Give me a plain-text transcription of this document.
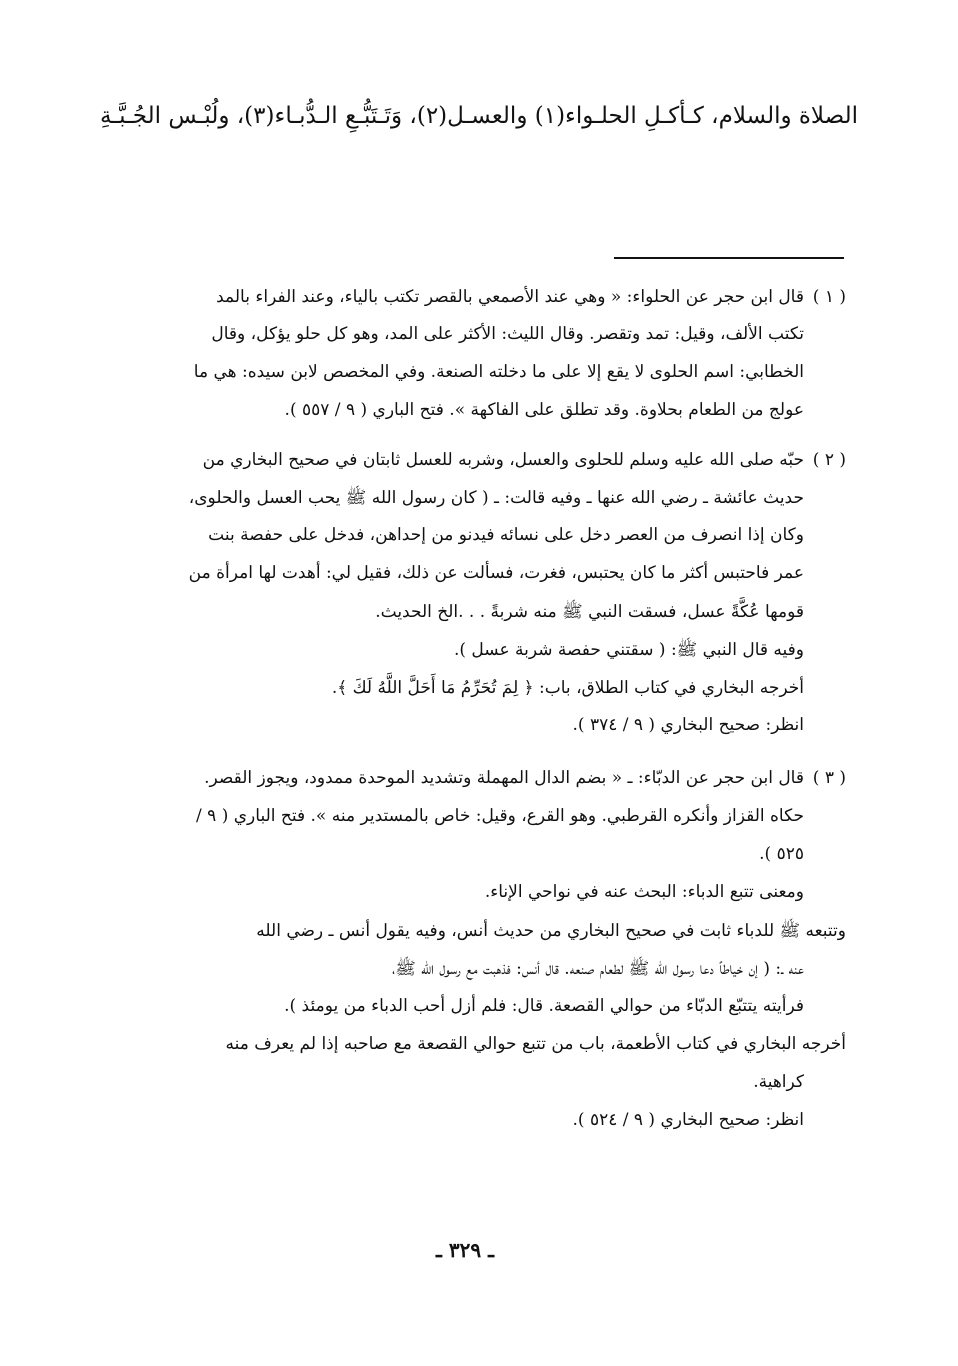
الصلاة والسلام، كـأكـلِ الحلـواء(١) والعسـل(٢)، وَتَـتَبُّـعِ الـدُّبـاء(٣)، ولُبْـس الجُـبَّـةِ
( ١ )
قال ابن حجر عن الحلواء: « وهي عند الأصمعي بالقصر تكتب بالياء، وعند الفراء بالمد
تكتب الألف، وقيل: تمد وتقصر. وقال الليث: الأكثر على المد، وهو كل حلو يؤكل، وقال
الخطابي: اسم الحلوى لا يقع إلا على ما دخلته الصنعة. وفي المخصص لابن سيده: هي ما
عولج من الطعام بحلاوة. وقد تطلق على الفاكهة ». فتح الباري ( ٩ / ٥٥٧ ).
( ٢ )
حبّه صلى الله عليه وسلم للحلوى والعسل، وشربه للعسل ثابتان في صحيح البخاري من
حديث عائشة ـ رضي الله عنها ـ وفيه قالت: ـ ( كان رسول الله ﷺ يحب العسل والحلوى،
وكان إذا انصرف من العصر دخل على نسائه فيدنو من إحداهن، فدخل على حفصة بنت
عمر فاحتبس أكثر ما كان يحتبس، فغرت، فسألت عن ذلك، فقيل لي: أهدت لها امرأة من
قومها عُكَّةً عسل، فسقت النبي ﷺ منه شربةً . . .الخ الحديث.
وفيه قال النبي ﷺ: ( سقتني حفصة شربة عسل ).
أخرجه البخاري في كتاب الطلاق، باب: ﴿ لِمَ تُحَرِّمُ مَا أَحَلَّ اللَّهُ لَكَ ﴾.
انظر: صحيح البخاري ( ٩ / ٣٧٤ ).
( ٣ )
قال ابن حجر عن الدبّاء: ـ « بضم الدال المهملة وتشديد الموحدة ممدود، ويجوز القصر.
حكاه القزاز وأنكره القرطبي. وهو القرع، وقيل: خاص بالمستدير منه ». فتح الباري ( ٩ /
٥٢٥ ).
ومعنى تتبع الدباء: البحث عنه في نواحي الإناء.
وتتبعه ﷺ للدباء ثابت في صحيح البخاري من حديث أنس، وفيه يقول أنس ـ رضي الله
عنه ـ: ( إن خياطاً دعا رسول الله ﷺ لطعام صنعه. قال أنس: فذهبت مع رسول الله ﷺ،
فرأيته يتتبّع الدبّاء من حوالي القصعة. قال: فلم أزل أحب الدباء من يومئذ ).
أخرجه البخاري في كتاب الأطعمة، باب من تتبع حوالي القصعة مع صاحبه إذا لم يعرف منه
كراهية.
انظر: صحيح البخاري ( ٩ / ٥٢٤ ).
ـ ٣٢٩ ـ
